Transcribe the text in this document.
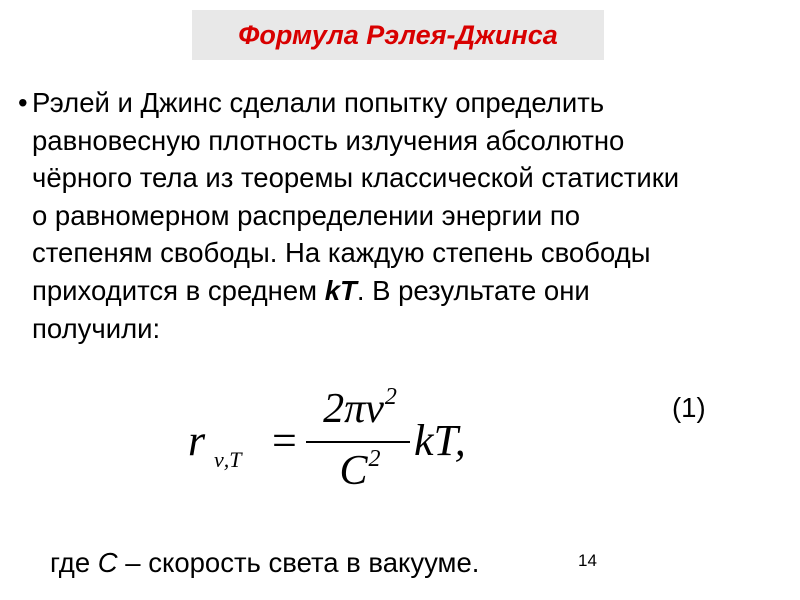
Формула Рэлея-Джинса
• Рэлей и Джинс сделали попытку определить
равновесную плотность излучения абсолютно
чёрного тела из теоремы классической статистики
о равномерном распределении энергии по
степеням свободы. На каждую степень свободы
приходится в среднем kT. В результате они
получили:
r ν,T =
$2\pi\nu^2$
$C^2$ kT,
(1)
где C – скорость света в вакууме.	14
